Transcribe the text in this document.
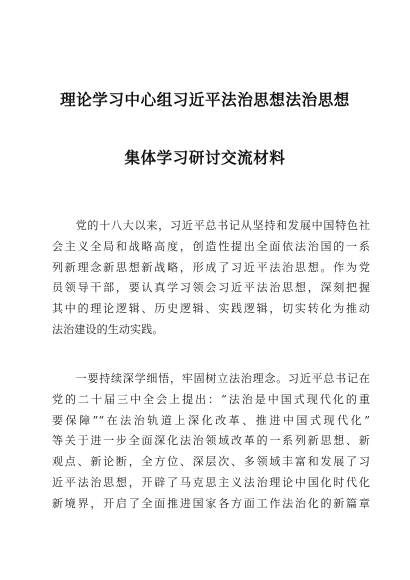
理论学习中心组习近平法治思想法治思想
集体学习研讨交流材料
　　党的十八大以来，习近平总书记从坚持和发展中国特色社
会主义全局和战略高度，创造性提出全面依法治国的一系
列新理念新思想新战略，形成了习近平法治思想。作为党
员领导干部，要认真学习领会习近平法治思想，深刻把握
其中的理论逻辑、历史逻辑、实践逻辑，切实转化为推动
法治建设的生动实践。
　　一要持续深学细悟，牢固树立法治理念。习近平总书记在
党的二十届三中全会上提出：“法治是中国式现代化的重
要保障”“在法治轨道上深化改革、推进中国式现代化”
等关于进一步全面深化法治领域改革的一系列新思想、新
观点、新论断，全方位、深层次、多领域丰富和发展了习
近平法治思想，开辟了马克思主义法治理论中国化时代化
新境界，开启了全面推进国家各方面工作法治化的新篇章
